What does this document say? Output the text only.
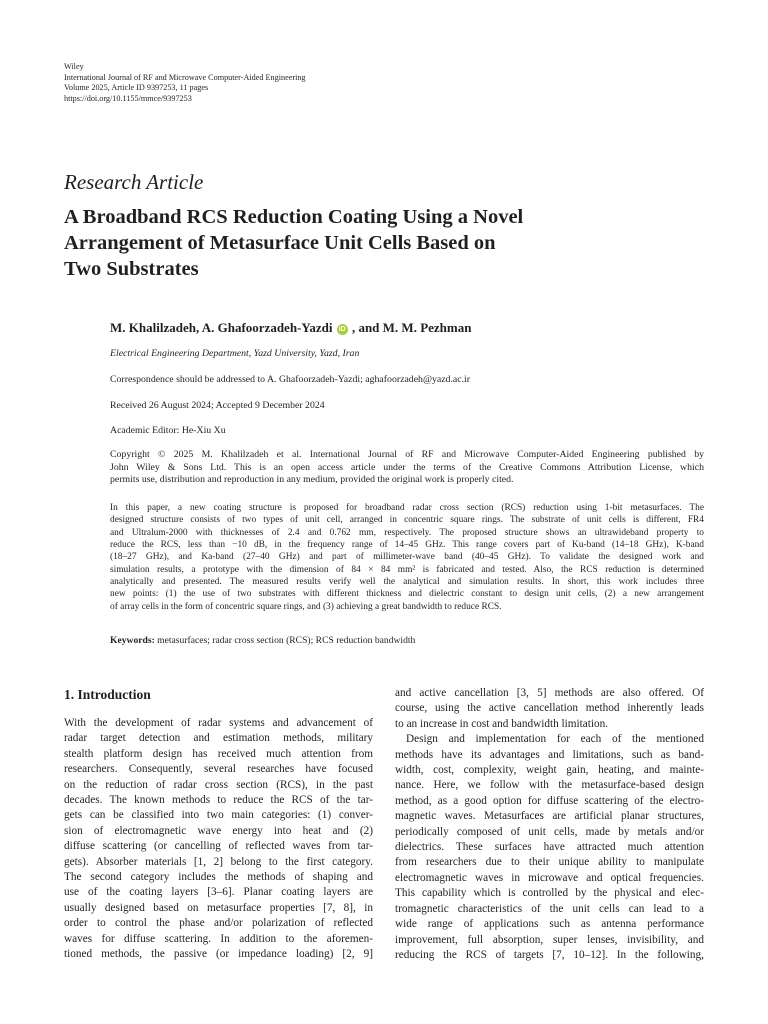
Wiley
International Journal of RF and Microwave Computer-Aided Engineering
Volume 2025, Article ID 9397253, 11 pages
https://doi.org/10.1155/mmce/9397253
Research Article
A Broadband RCS Reduction Coating Using a Novel
Arrangement of Metasurface Unit Cells Based on
Two Substrates
M. Khalilzadeh, A. Ghafoorzadeh-Yazdi iD , and M. M. Pezhman
Electrical Engineering Department, Yazd University, Yazd, Iran
Correspondence should be addressed to A. Ghafoorzadeh-Yazdi; aghafoorzadeh@yazd.ac.ir
Received 26 August 2024; Accepted 9 December 2024
Academic Editor: He-Xiu Xu
Copyright © 2025 M. Khalilzadeh et al. International Journal of RF and Microwave Computer-Aided Engineering published by
John Wiley & Sons Ltd. This is an open access article under the terms of the Creative Commons Attribution License, which
permits use, distribution and reproduction in any medium, provided the original work is properly cited.
In this paper, a new coating structure is proposed for broadband radar cross section (RCS) reduction using 1-bit metasurfaces. The
designed structure consists of two types of unit cell, arranged in concentric square rings. The substrate of unit cells is different, FR4
and Ultralum-2000 with thicknesses of 2.4 and 0.762 mm, respectively. The proposed structure shows an ultrawideband property to
reduce the RCS, less than −10 dB, in the frequency range of 14–45 GHz. This range covers part of Ku-band (14–18 GHz), K-band
(18–27 GHz), and Ka-band (27–40 GHz) and part of millimeter-wave band (40–45 GHz). To validate the designed work and
simulation results, a prototype with the dimension of 84 × 84 mm² is fabricated and tested. Also, the RCS reduction is determined
analytically and presented. The measured results verify well the analytical and simulation results. In short, this work includes three
new points: (1) the use of two substrates with different thickness and dielectric constant to design unit cells, (2) a new arrangement
of array cells in the form of concentric square rings, and (3) achieving a great bandwidth to reduce RCS.
Keywords: metasurfaces; radar cross section (RCS); RCS reduction bandwidth
1. Introduction
With the development of radar systems and advancement of
radar target detection and estimation methods, military
stealth platform design has received much attention from
researchers. Consequently, several researches have focused
on the reduction of radar cross section (RCS), in the past
decades. The known methods to reduce the RCS of the tar-
gets can be classified into two main categories: (1) conver-
sion of electromagnetic wave energy into heat and (2)
diffuse scattering (or cancelling of reflected waves from tar-
gets). Absorber materials [1, 2] belong to the first category.
The second category includes the methods of shaping and
use of the coating layers [3–6]. Planar coating layers are
usually designed based on metasurface properties [7, 8], in
order to control the phase and/or polarization of reflected
waves for diffuse scattering. In addition to the aforemen-
tioned methods, the passive (or impedance loading) [2, 9]
and active cancellation [3, 5] methods are also offered. Of
course, using the active cancellation method inherently leads
to an increase in cost and bandwidth limitation.
Design and implementation for each of the mentioned
methods have its advantages and limitations, such as band-
width, cost, complexity, weight gain, heating, and mainte-
nance. Here, we follow with the metasurface-based design
method, as a good option for diffuse scattering of the electro-
magnetic waves. Metasurfaces are artificial planar structures,
periodically composed of unit cells, made by metals and/or
dielectrics. These surfaces have attracted much attention
from researchers due to their unique ability to manipulate
electromagnetic waves in microwave and optical frequencies.
This capability which is controlled by the physical and elec-
tromagnetic characteristics of the unit cells can lead to a
wide range of applications such as antenna performance
improvement, full absorption, super lenses, invisibility, and
reducing the RCS of targets [7, 10–12]. In the following,
